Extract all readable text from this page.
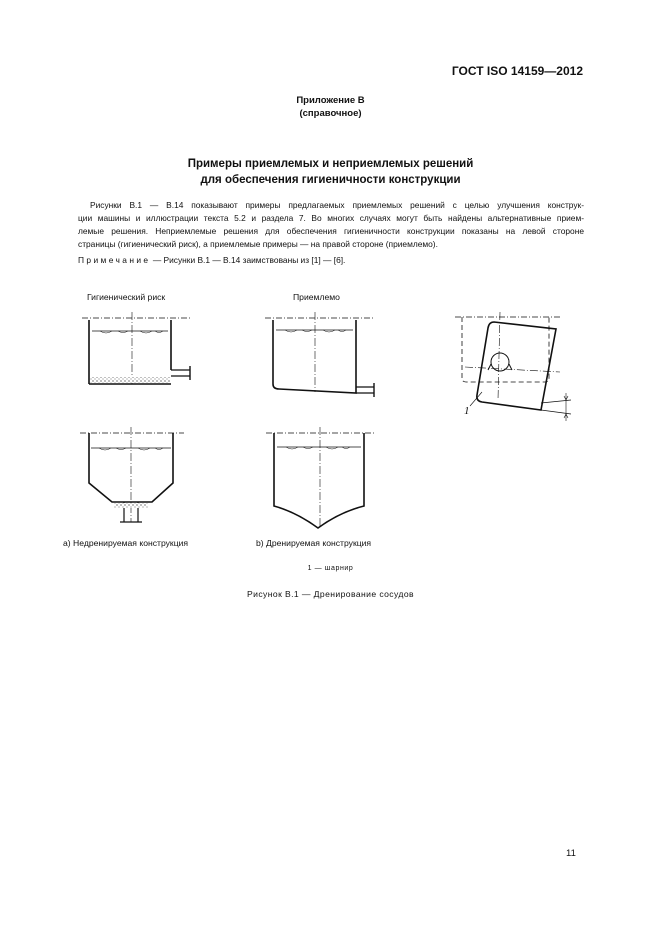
ГОСТ ISO 14159—2012
Приложение В
(справочное)
Примеры приемлемых и неприемлемых решений
для обеспечения гигиеничности конструкции
Рисунки В.1 — В.14 показывают примеры предлагаемых приемлемых решений с целью улучшения конструк-
ции машины и иллюстрации текста 5.2 и раздела 7. Во многих случаях могут быть найдены альтернативные прием-
лемые решения. Неприемлемые решения для обеспечения гигиеничности конструкции показаны на левой стороне
страницы (гигиенический риск), а приемлемые примеры — на правой стороне (приемлемо).
Примечание — Рисунки В.1 — В.14 заимствованы из [1] — [6].
Гигиенический риск	Приемлемо
1
а) Недренируемая конструкция	b) Дренируемая конструкция
1 — шарнир
Рисунок В.1 — Дренирование сосудов
11
